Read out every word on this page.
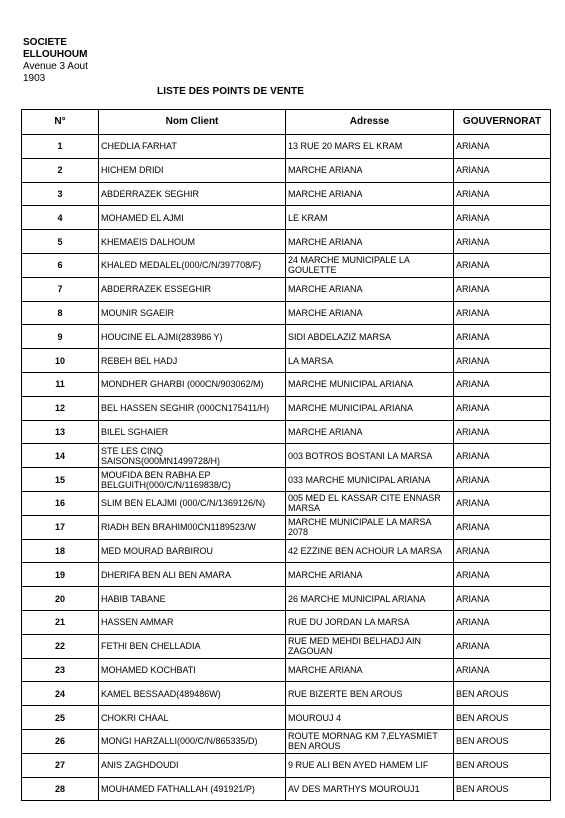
SOCIETE
ELLOUHOUM
Avenue 3 Aout
1903
LISTE DES POINTS DE VENTE
N°	Nom Client	Adresse	GOUVERNORAT
1	CHEDLIA FARHAT	13 RUE 20 MARS EL KRAM	ARIANA
2	HICHEM DRIDI	MARCHE ARIANA	ARIANA
3	ABDERRAZEK SEGHIR	MARCHE ARIANA	ARIANA
4	MOHAMED EL AJMI	LE KRAM	ARIANA
5	KHEMAEIS DALHOUM	MARCHE ARIANA	ARIANA
6	KHALED MEDALEL(000/C/N/397708/F)	24 MARCHE MUNICIPALE LA GOULETTE	ARIANA
7	ABDERRAZEK ESSEGHIR	MARCHE ARIANA	ARIANA
8	MOUNIR SGAEIR	MARCHE ARIANA	ARIANA
9	HOUCINE EL AJMI(283986 Y)	SIDI ABDELAZIZ MARSA	ARIANA
10	REBEH BEL HADJ	LA MARSA	ARIANA
11	MONDHER GHARBI (000CN/903062/M)	MARCHE MUNICIPAL ARIANA	ARIANA
12	BEL HASSEN SEGHIR (000CN175411/H)	MARCHE MUNICIPAL ARIANA	ARIANA
13	BILEL SGHAIER	MARCHE ARIANA	ARIANA
14	STE LES CINQ SAISONS(000MN1499728/H)	003 BOTROS BOSTANI LA MARSA	ARIANA
15	MOUFIDA BEN RABHA EP BELGUITH(000/C/N/1169838/C)	033 MARCHE MUNICIPAL ARIANA	ARIANA
16	SLIM BEN ELAJMI (000/C/N/1369126/N)	005 MED EL KASSAR CITE ENNASR MARSA	ARIANA
17	RIADH BEN BRAHIM00CN1189523/W	MARCHE MUNICIPALE LA MARSA 2078	ARIANA
18	MED MOURAD BARBIROU	42 EZZINE BEN ACHOUR LA MARSA	ARIANA
19	DHERIFA BEN ALI BEN AMARA	MARCHE ARIANA	ARIANA
20	HABIB TABANE	26 MARCHE MUNICIPAL ARIANA	ARIANA
21	HASSEN AMMAR	RUE DU JORDAN LA MARSA	ARIANA
22	FETHI BEN CHELLADIA	RUE MED MEHDI BELHADJ AIN ZAGOUAN	ARIANA
23	MOHAMED KOCHBATI	MARCHE ARIANA	ARIANA
24	KAMEL BESSAAD(489486W)	RUE BIZERTE BEN AROUS	BEN AROUS
25	CHOKRI CHAAL	MOUROUJ 4	BEN AROUS
26	MONGI HARZALLI(000/C/N/865335/D)	ROUTE MORNAG KM 7,ELYASMIET BEN AROUS	BEN AROUS
27	ANIS ZAGHDOUDI	9 RUE ALI BEN AYED HAMEM LIF	BEN AROUS
28	MOUHAMED FATHALLAH (491921/P)	AV DES MARTHYS MOUROUJ1	BEN AROUS
